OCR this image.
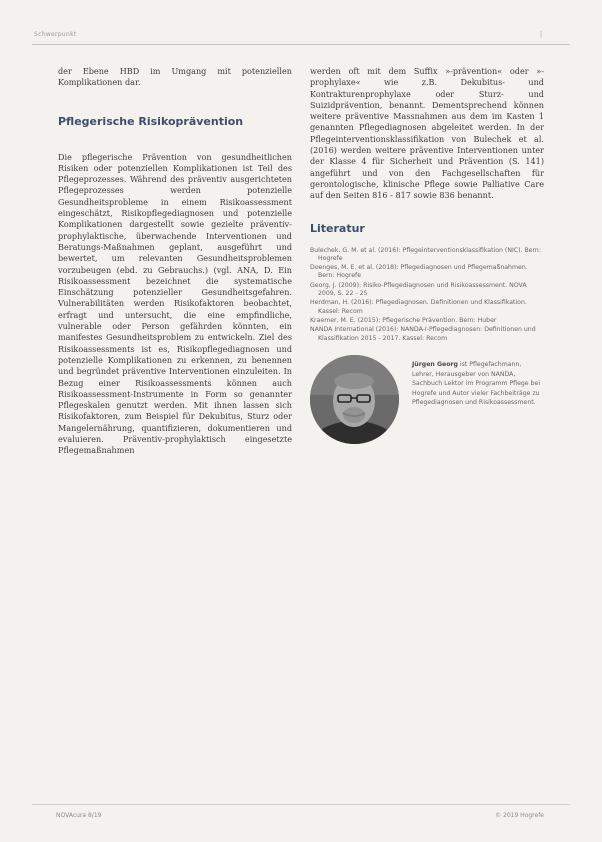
Schwerpunkt	|

der Ebene HBD im Umgang mit potenziellen Komplikationen dar.

Pflegerische Risikoprävention

Die pflegerische Prävention von gesundheitlichen Risiken oder potenziellen Komplikationen ist Teil des Pflegeprozesses. Während des präventiv ausgerichteten Pflegeprozesses werden potenzielle Gesundheitsprobleme in einem Risikoassessment eingeschätzt, Risikopflegediagnosen und potenzielle Komplikationen dargestellt sowie gezielte präventiv-prophylaktische, überwachende Interventionen und Beratungs-Maßnahmen geplant, ausgeführt und bewertet, um relevanten Gesundheitsproblemen vorzubeugen (ebd. zu Gebrauchs.) (vgl. ANA, D. Ein Risikoassessment bezeichnet die systematische Einschätzung potenzieller Gesundheitsgefahren. Vulnerabilitäten werden Risikofaktoren beobachtet, erfragt und untersucht, die eine empfindliche, vulnerable oder Person gefährden könnten, ein manifestes Gesundheitsproblem zu entwickeln. Ziel des Risikoassessments ist es, Risikopflegediagnosen und potenzielle Komplikationen zu erkennen, zu benennen und begründet präventive Interventionen einzuleiten. In Bezug einer Risikoassessments können auch Risikoassessment-Instrumente in Form so genannter Pflegeskalen genutzt werden. Mit ihnen lassen sich Risikofaktoren, zum Beispiel für Dekubitus, Sturz oder Mangelernährung, quantifizieren, dokumentieren und evaluieren. Präventiv-prophylaktisch eingesetzte Pflegemaßnahmen

werden oft mit dem Suffix »-prävention« oder »-prophylaxe« wie z.B. Dekubitus- und Kontrakturenprophylaxe oder Sturz- und Suizidprävention, benannt. Dementsprechend können weitere präventive Massnahmen aus dem im Kasten 1 genannten Pflegediagnosen abgeleitet werden. In der Pflegeinterventionsklassifikation von Bulechek et al. (2016) werden weitere präventive Interventionen unter der Klasse 4 für Sicherheit und Prävention (S. 141) angeführt und von den Fachgesellschaften für gerontologische, klinische Pflege sowie Palliative Care auf den Seiten 816 - 817 sowie 836 benannt.

Literatur
Bulechek, G. M. et al. (2016): Pflegeinterventionsklassifikation (NIC). Bern: Hogrefe
Doenges, M. E. et al. (2018): Pflegediagnosen und Pflegemaßnahmen. Bern: Hogrefe
Georg, J. (2009): Risiko-Pflegediagnosen und Risikoassessment. NOVA 2009, S. 22 - 25
Herdman, H. (2016): Pflegediagnosen. Definitionen und Klassifikation. Kassel: Recom
Kraemer, M. E. (2015): Pflegerische Prävention. Bern: Huber
NANDA International (2016): NANDA-I-Pflegediagnosen: Definitionen und Klassifikation 2015 - 2017. Kassel: Recom
Jürgen Georg ist Pflegefachmann, Lehrer, Herausgeber von NANDA, Sachbuch Lektor im Programm Pflege bei Hogrefe und Autor vieler Fachbeiträge zu Pflegediagnosen und Risikoassessment.
NOVAcura 8/19	© 2019 Hogrefe
